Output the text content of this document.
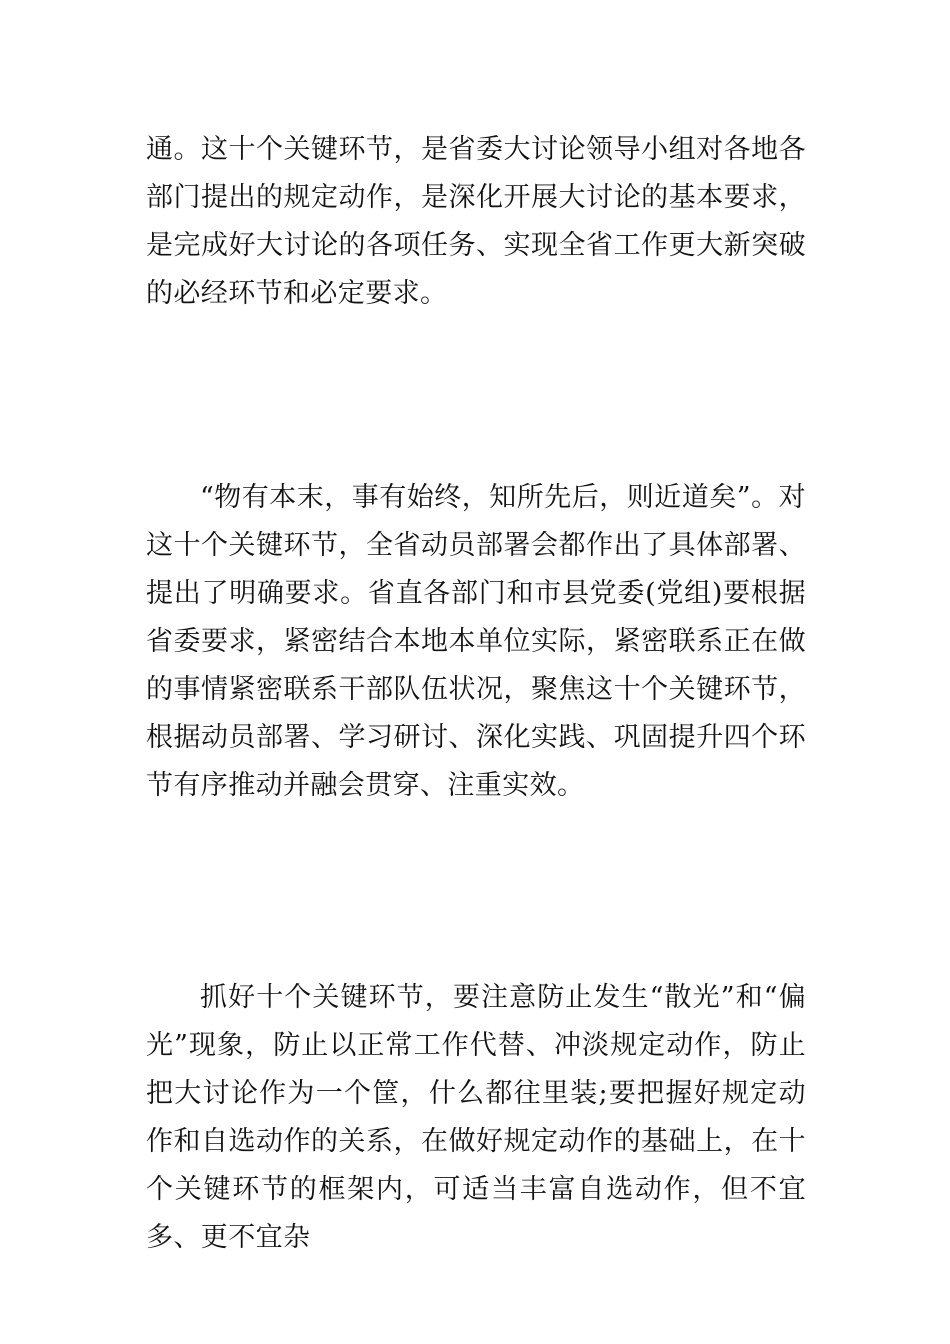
通。这十个关键环节，是省委大讨论领导小组对各地各部门提出的规定动作，是深化开展大讨论的基本要求，是完成好大讨论的各项任务、实现全省工作更大新突破的必经环节和必定要求。

“物有本末，事有始终，知所先后，则近道矣”。对这十个关键环节，全省动员部署会都作出了具体部署、提出了明确要求。省直各部门和市县党委(党组)要根据省委要求，紧密结合本地本单位实际，紧密联系正在做的事情紧密联系干部队伍状况，聚焦这十个关键环节，根据动员部署、学习研讨、深化实践、巩固提升四个环节有序推动并融会贯穿、注重实效。

抓好十个关键环节，要注意防止发生“散光”和“偏光”现象，防止以正常工作代替、冲淡规定动作，防止把大讨论作为一个筐，什么都往里装;要把握好规定动作和自选动作的关系，在做好规定动作的基础上，在十个关键环节的框架内，可适当丰富自选动作，但不宜多、更不宜杂
